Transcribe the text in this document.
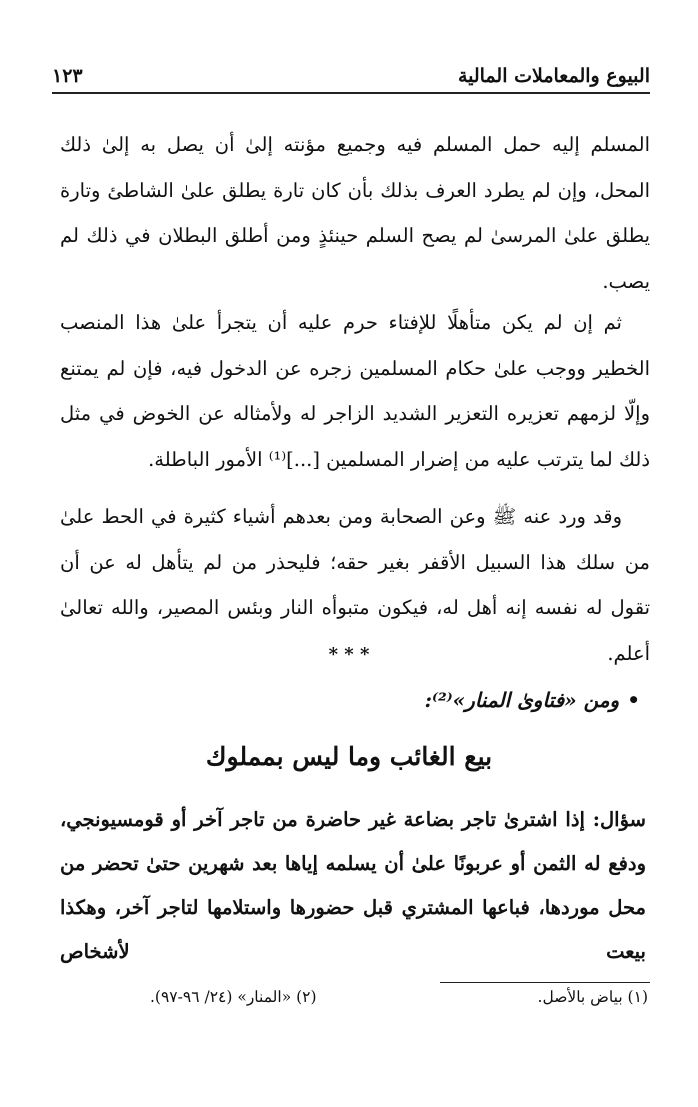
البيوع والمعاملات المالية
١٢٣

المسلم إليه حمل المسلم فيه وجميع مؤنته إلىٰ أن يصل به إلىٰ ذلك المحل، وإن لم يطرد العرف بذلك بأن كان تارة يطلق علىٰ الشاطئ وتارة يطلق علىٰ المرسىٰ لم يصح السلم حينئذٍ ومن أطلق البطلان في ذلك لم يصب.

ثم إن لم يكن متأهلًا للإفتاء حرم عليه أن يتجرأ علىٰ هذا المنصب الخطير ووجب علىٰ حكام المسلمين زجره عن الدخول فيه، فإن لم يمتنع وإلّا لزمهم تعزيره التعزير الشديد الزاجر له ولأمثاله عن الخوض في مثل ذلك لما يترتب عليه من إضرار المسلمين [...]⁽¹⁾ الأمور الباطلة.

وقد ورد عنه ﷺ وعن الصحابة ومن بعدهم أشياء كثيرة في الحط علىٰ من سلك هذا السبيل الأقفر بغير حقه؛ فليحذر من لم يتأهل له عن أن تقول له نفسه إنه أهل له، فيكون متبوأه النار وبئس المصير، والله تعالىٰ أعلم.

* * *
•ومن «فتاوىٰ المنار»⁽²⁾:
بيع الغائب وما ليس بمملوك

سؤال: إذا اشترىٰ تاجر بضاعة غير حاضرة من تاجر آخر أو قومسيونجي، ودفع له الثمن أو عربونًا علىٰ أن يسلمه إياها بعد شهرين حتىٰ تحضر من محل موردها، فباعها المشتري قبل حضورها واستلامها لتاجر آخر، وهكذا بيعت لأشخاص

(١) بياض بالأصل.
(٢) «المنار» (٢٤/ ٩٦-٩٧).
